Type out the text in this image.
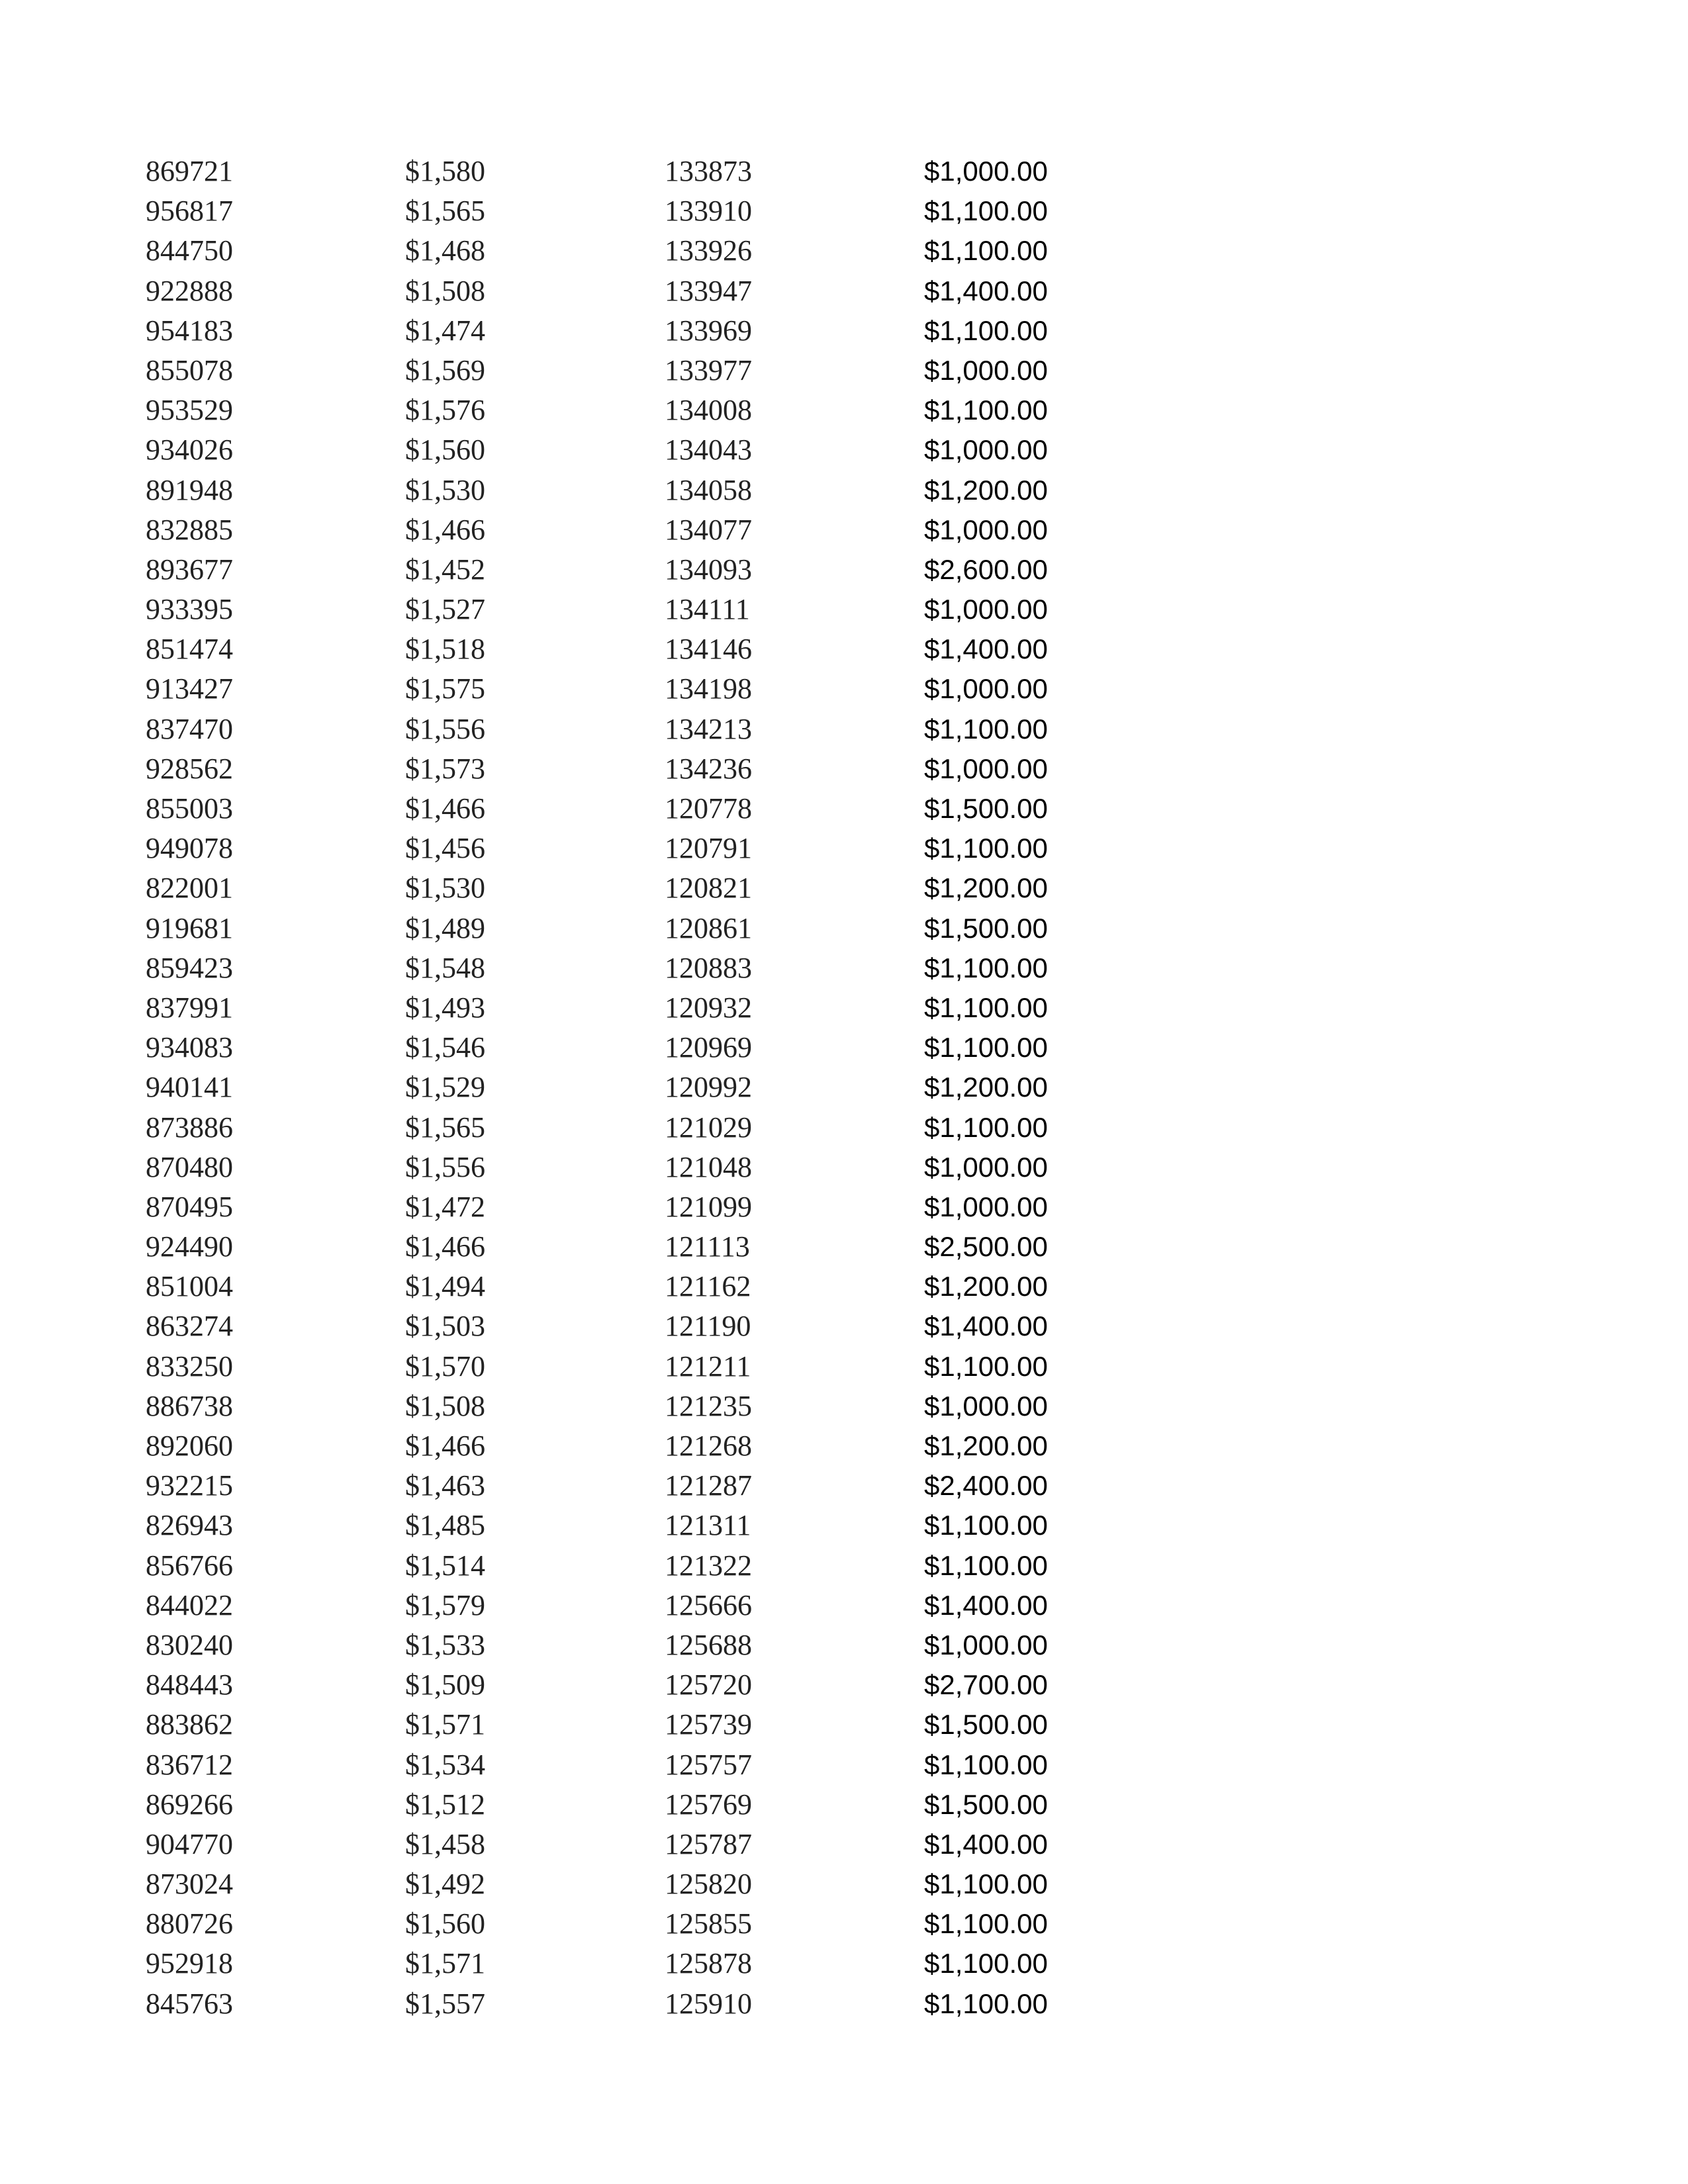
869721	$1,580	133873	$1,000.00
956817	$1,565	133910	$1,100.00
844750	$1,468	133926	$1,100.00
922888	$1,508	133947	$1,400.00
954183	$1,474	133969	$1,100.00
855078	$1,569	133977	$1,000.00
953529	$1,576	134008	$1,100.00
934026	$1,560	134043	$1,000.00
891948	$1,530	134058	$1,200.00
832885	$1,466	134077	$1,000.00
893677	$1,452	134093	$2,600.00
933395	$1,527	134111	$1,000.00
851474	$1,518	134146	$1,400.00
913427	$1,575	134198	$1,000.00
837470	$1,556	134213	$1,100.00
928562	$1,573	134236	$1,000.00
855003	$1,466	120778	$1,500.00
949078	$1,456	120791	$1,100.00
822001	$1,530	120821	$1,200.00
919681	$1,489	120861	$1,500.00
859423	$1,548	120883	$1,100.00
837991	$1,493	120932	$1,100.00
934083	$1,546	120969	$1,100.00
940141	$1,529	120992	$1,200.00
873886	$1,565	121029	$1,100.00
870480	$1,556	121048	$1,000.00
870495	$1,472	121099	$1,000.00
924490	$1,466	121113	$2,500.00
851004	$1,494	121162	$1,200.00
863274	$1,503	121190	$1,400.00
833250	$1,570	121211	$1,100.00
886738	$1,508	121235	$1,000.00
892060	$1,466	121268	$1,200.00
932215	$1,463	121287	$2,400.00
826943	$1,485	121311	$1,100.00
856766	$1,514	121322	$1,100.00
844022	$1,579	125666	$1,400.00
830240	$1,533	125688	$1,000.00
848443	$1,509	125720	$2,700.00
883862	$1,571	125739	$1,500.00
836712	$1,534	125757	$1,100.00
869266	$1,512	125769	$1,500.00
904770	$1,458	125787	$1,400.00
873024	$1,492	125820	$1,100.00
880726	$1,560	125855	$1,100.00
952918	$1,571	125878	$1,100.00
845763	$1,557	125910	$1,100.00
